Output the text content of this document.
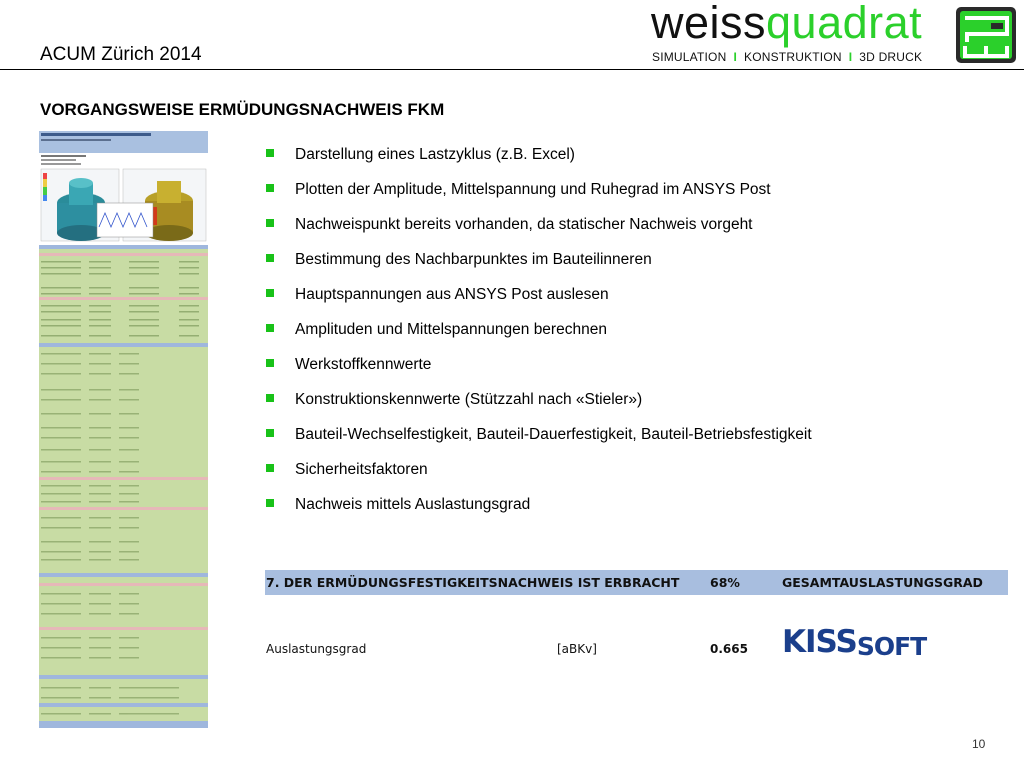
ACUM Zürich 2014
weissquadrat
SIMULATION I KONSTRUKTION I 3D DRUCK
VORGANGSWEISE ERMÜDUNGSNACHWEIS FKM
Darstellung eines Lastzyklus (z.B. Excel)
Plotten der Amplitude, Mittelspannung und Ruhegrad im ANSYS Post
Nachweispunkt bereits vorhanden, da statischer Nachweis vorgeht
Bestimmung des Nachbarpunktes im Bauteilinneren
Hauptspannungen aus ANSYS Post auslesen
Amplituden und Mittelspannungen berechnen
Werkstoffkennwerte
Konstruktionskennwerte (Stützzahl nach «Stieler»)
Bauteil-Wechselfestigkeit, Bauteil-Dauerfestigkeit, Bauteil-Betriebsfestigkeit
Sicherheitsfaktoren
Nachweis mittels Auslastungsgrad
7. DER ERMÜDUNGSFESTIGKEITSNACHWEIS IST ERBRACHT 68%	GESAMTAUSLASTUNGSGRAD
Auslastungsgrad	[aBKv]	0.665 KISSSOFT
10
